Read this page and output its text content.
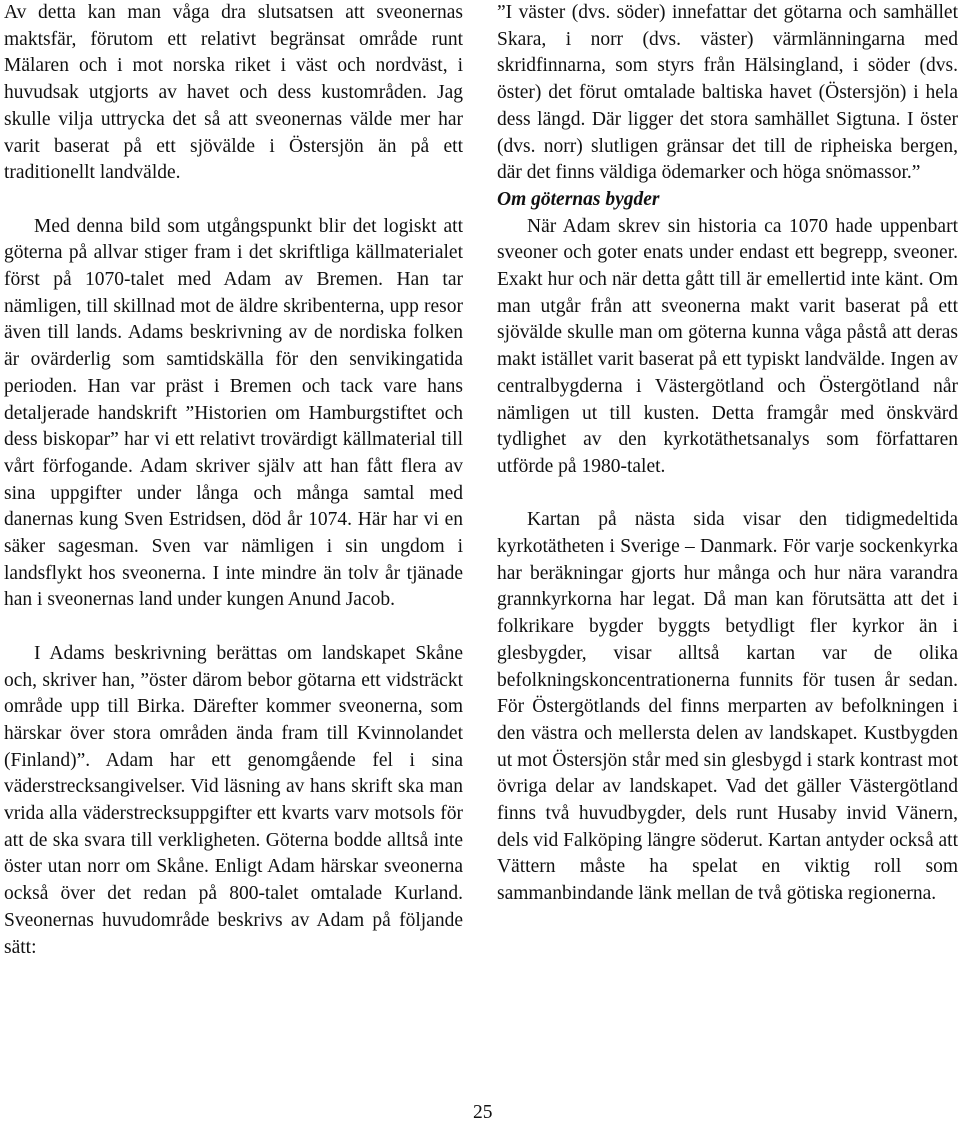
Av detta kan man våga dra slutsatsen att sveonernas maktsfär, förutom ett relativt begränsat område runt Mälaren och i mot norska riket i väst och nordväst, i huvudsak utgjorts av havet och dess kustområden. Jag skulle vilja uttrycka det så att sveonernas välde mer har varit baserat på ett sjövälde i Östersjön än på ett traditionellt landvälde.

Med denna bild som utgångspunkt blir det logiskt att göterna på allvar stiger fram i det skriftliga källmaterialet först på 1070-talet med Adam av Bremen. Han tar nämligen, till skillnad mot de äldre skribenterna, upp resor även till lands. Adams beskrivning av de nordiska folken är ovärderlig som samtidskälla för den senvikingatida perioden. Han var präst i Bremen och tack vare hans detaljerade handskrift ”Historien om Hamburgstiftet och dess biskopar” har vi ett relativt trovärdigt källmaterial till vårt förfogande. Adam skriver själv att han fått flera av sina uppgifter under långa och många samtal med danernas kung Sven Estridsen, död år 1074. Här har vi en säker sagesman. Sven var nämligen i sin ungdom i landsflykt hos sveonerna. I inte mindre än tolv år tjänade han i sveonernas land under kungen Anund Jacob.

I Adams beskrivning berättas om landskapet Skåne och, skriver han, ”öster därom bebor götarna ett vidsträckt område upp till Birka. Därefter kommer sveonerna, som härskar över stora områden ända fram till Kvinnolandet (Finland)”. Adam har ett genomgående fel i sina väderstrecksangivelser. Vid läsning av hans skrift ska man vrida alla väderstrecksuppgifter ett kvarts varv motsols för att de ska svara till verkligheten. Göterna bodde alltså inte öster utan norr om Skåne. Enligt Adam härskar sveonerna också över det redan på 800-talet omtalade Kurland. Sveonernas huvudområde beskrivs av Adam på följande sätt:

”I väster (dvs. söder) innefattar det götarna och samhället Skara, i norr (dvs. väster) värmlänningarna med skridfinnarna, som styrs från Hälsingland, i söder (dvs. öster) det förut omtalade baltiska havet (Östersjön) i hela dess längd. Där ligger det stora samhället Sigtuna. I öster (dvs. norr) slutligen gränsar det till de ripheiska bergen, där det finns väldiga ödemarker och höga snömassor.”

Om göternas bygder

När Adam skrev sin historia ca 1070 hade uppenbart sveoner och goter enats under endast ett begrepp, sveoner. Exakt hur och när detta gått till är emellertid inte känt. Om man utgår från att sveonerna makt varit baserat på ett sjövälde skulle man om göterna kunna våga påstå att deras makt istället varit baserat på ett typiskt landvälde. Ingen av centralbygderna i Västergötland och Östergötland når nämligen ut till kusten. Detta framgår med önskvärd tydlighet av den kyrkotäthetsanalys som författaren utförde på 1980-talet.

Kartan på nästa sida visar den tidigmedeltida kyrkotätheten i Sverige – Danmark. För varje sockenkyrka har beräkningar gjorts hur många och hur nära varandra grannkyrkorna har legat. Då man kan förutsätta att det i folkrikare bygder byggts betydligt fler kyrkor än i glesbygder, visar alltså kartan var de olika befolkningskoncentrationerna funnits för tusen år sedan. För Östergötlands del finns merparten av befolkningen i den västra och mellersta delen av landskapet. Kustbygden ut mot Östersjön står med sin glesbygd i stark kontrast mot övriga delar av landskapet. Vad det gäller Västergötland finns två huvudbygder, dels runt Husaby invid Vänern, dels vid Falköping längre söderut. Kartan antyder också att Vättern måste ha spelat en viktig roll som sammanbindande länk mellan de två götiska regionerna.

25
